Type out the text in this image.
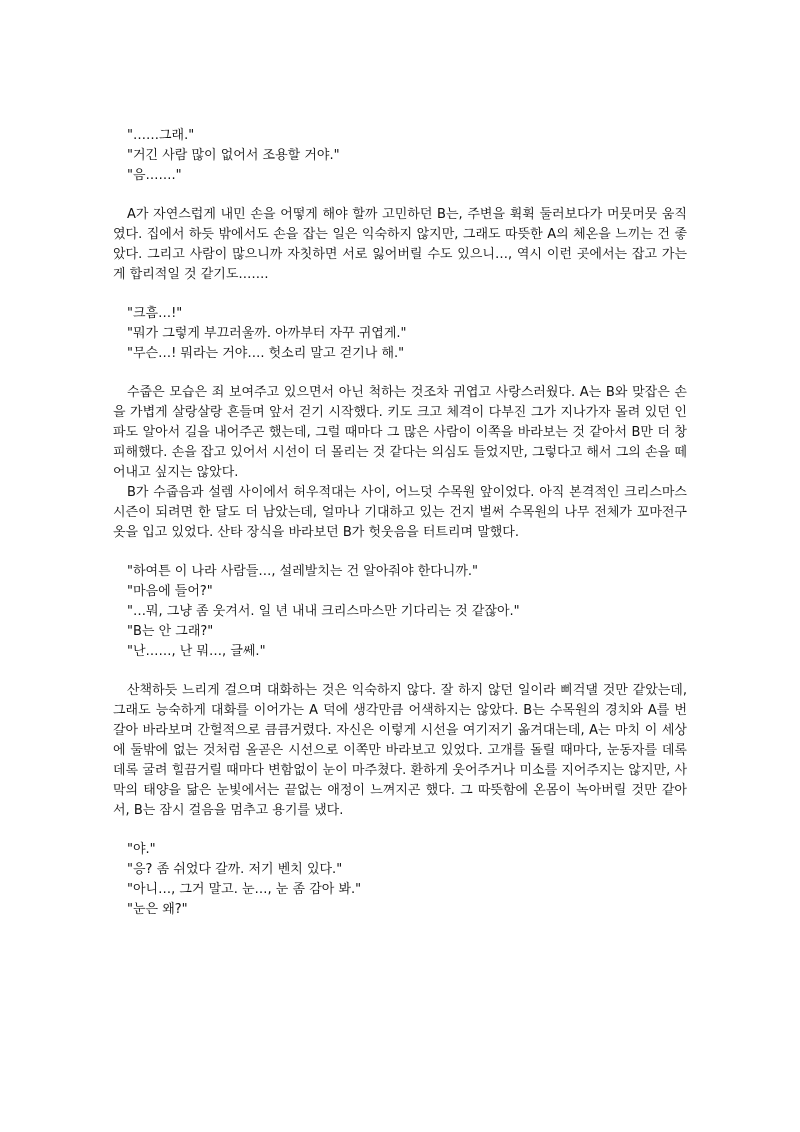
"……그래."
"거긴 사람 많이 없어서 조용할 거야."
"음……."

A가 자연스럽게 내민 손을 어떻게 해야 할까 고민하던 B는, 주변을 휙휙 둘러보다가 머뭇머뭇 움직였다. 집에서 하듯 밖에서도 손을 잡는 일은 익숙하지 않지만, 그래도 따뜻한 A의 체온을 느끼는 건 좋았다. 그리고 사람이 많으니까 자칫하면 서로 잃어버릴 수도 있으니…, 역시 이런 곳에서는 잡고 가는 게 합리적일 것 같기도…….

"크흠…!"
"뭐가 그렇게 부끄러울까. 아까부터 자꾸 귀엽게."
"무슨…! 뭐라는 거야…. 헛소리 말고 걷기나 해."

수줍은 모습은 죄 보여주고 있으면서 아닌 척하는 것조차 귀엽고 사랑스러웠다. A는 B와 맞잡은 손을 가볍게 살랑살랑 흔들며 앞서 걷기 시작했다. 키도 크고 체격이 다부진 그가 지나가자 몰려 있던 인파도 알아서 길을 내어주곤 했는데, 그럴 때마다 그 많은 사람이 이쪽을 바라보는 것 같아서 B만 더 창피해했다. 손을 잡고 있어서 시선이 더 몰리는 것 같다는 의심도 들었지만, 그렇다고 해서 그의 손을 떼어내고 싶지는 않았다.

B가 수줍음과 설렘 사이에서 허우적대는 사이, 어느덧 수목원 앞이었다. 아직 본격적인 크리스마스 시즌이 되려면 한 달도 더 남았는데, 얼마나 기대하고 있는 건지 벌써 수목원의 나무 전체가 꼬마전구 옷을 입고 있었다. 산타 장식을 바라보던 B가 헛웃음을 터트리며 말했다.

"하여튼 이 나라 사람들…, 설레발치는 건 알아줘야 한다니까."
"마음에 들어?"
"…뭐, 그냥 좀 웃겨서. 일 년 내내 크리스마스만 기다리는 것 같잖아."
"B는 안 그래?"
"난……, 난 뭐…, 글쎄."

산책하듯 느리게 걸으며 대화하는 것은 익숙하지 않다. 잘 하지 않던 일이라 삐걱댈 것만 같았는데, 그래도 능숙하게 대화를 이어가는 A 덕에 생각만큼 어색하지는 않았다. B는 수목원의 경치와 A를 번갈아 바라보며 간헐적으로 큼큼거렸다. 자신은 이렇게 시선을 여기저기 옮겨대는데, A는 마치 이 세상에 둘밖에 없는 것처럼 올곧은 시선으로 이쪽만 바라보고 있었다. 고개를 돌릴 때마다, 눈동자를 데록데록 굴려 힐끔거릴 때마다 변함없이 눈이 마주쳤다. 환하게 웃어주거나 미소를 지어주지는 않지만, 사막의 태양을 닮은 눈빛에서는 끝없는 애정이 느껴지곤 했다. 그 따뜻함에 온몸이 녹아버릴 것만 같아서, B는 잠시 걸음을 멈추고 용기를 냈다.

"야."
"응? 좀 쉬었다 갈까. 저기 벤치 있다."
"아니…, 그거 말고. 눈…, 눈 좀 감아 봐."
"눈은 왜?"
